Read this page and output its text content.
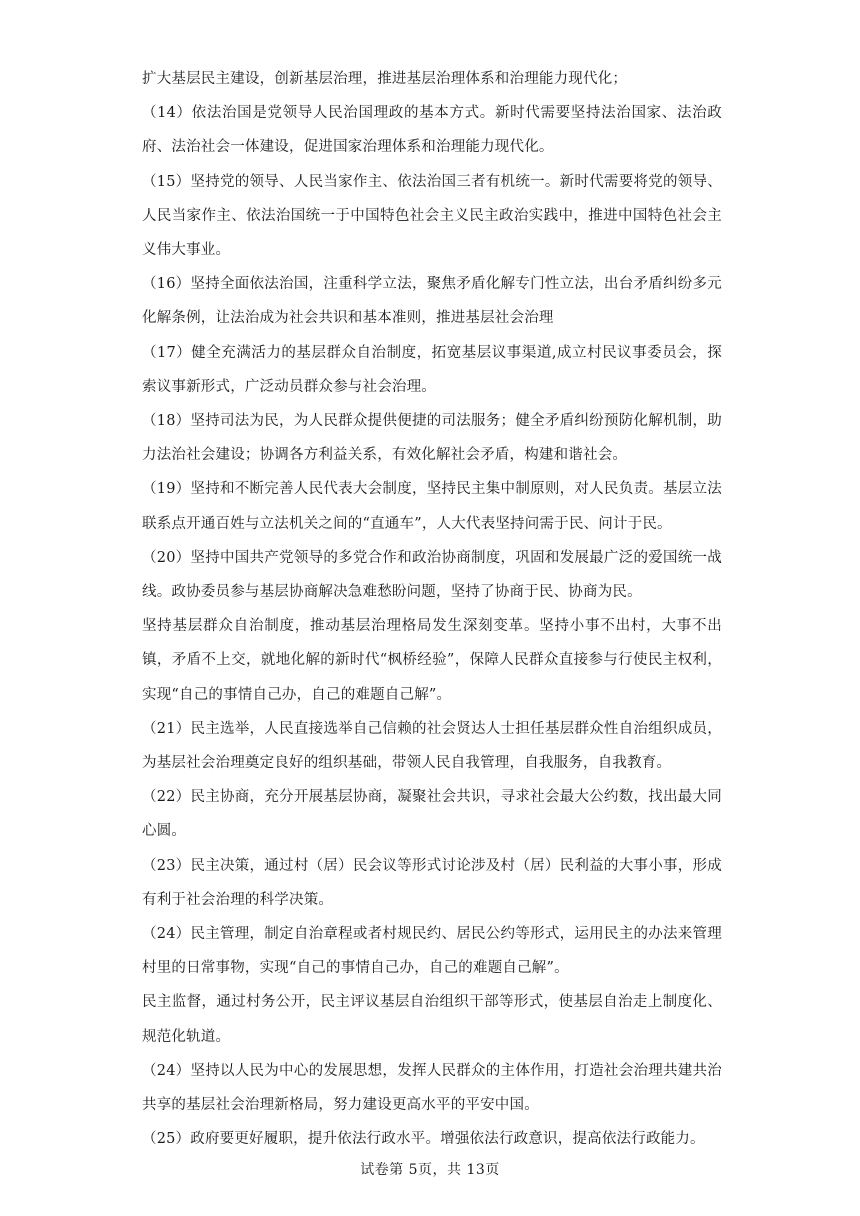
扩大基层民主建设，创新基层治理，推进基层治理体系和治理能力现代化；

（14）依法治国是党领导人民治国理政的基本方式。新时代需要坚持法治国家、法治政府、法治社会一体建设，促进国家治理体系和治理能力现代化。

（15）坚持党的领导、人民当家作主、依法治国三者有机统一。新时代需要将党的领导、人民当家作主、依法治国统一于中国特色社会主义民主政治实践中，推进中国特色社会主义伟大事业。

（16）坚持全面依法治国，注重科学立法，聚焦矛盾化解专门性立法，出台矛盾纠纷多元化解条例，让法治成为社会共识和基本准则，推进基层社会治理

（17）健全充满活力的基层群众自治制度，拓宽基层议事渠道,成立村民议事委员会，探索议事新形式，广泛动员群众参与社会治理。

（18）坚持司法为民，为人民群众提供便捷的司法服务；健全矛盾纠纷预防化解机制，助力法治社会建设；协调各方利益关系，有效化解社会矛盾，构建和谐社会。

（19）坚持和不断完善人民代表大会制度，坚持民主集中制原则，对人民负责。基层立法联系点开通百姓与立法机关之间的“直通车”，人大代表坚持问需于民、问计于民。

（20）坚持中国共产党领导的多党合作和政治协商制度，巩固和发展最广泛的爱国统一战线。政协委员参与基层协商解决急难愁盼问题，坚持了协商于民、协商为民。

坚持基层群众自治制度，推动基层治理格局发生深刻变革。坚持小事不出村，大事不出镇，矛盾不上交，就地化解的新时代“枫桥经验”，保障人民群众直接参与行使民主权利，实现“自己的事情自己办，自己的难题自己解”。

（21）民主选举，人民直接选举自己信赖的社会贤达人士担任基层群众性自治组织成员，为基层社会治理奠定良好的组织基础，带领人民自我管理，自我服务，自我教育。

（22）民主协商，充分开展基层协商，凝聚社会共识，寻求社会最大公约数，找出最大同心圆。

（23）民主决策，通过村（居）民会议等形式讨论涉及村（居）民利益的大事小事，形成有利于社会治理的科学决策。

（24）民主管理，制定自治章程或者村规民约、居民公约等形式，运用民主的办法来管理村里的日常事物，实现“自己的事情自己办，自己的难题自己解”。

民主监督，通过村务公开，民主评议基层自治组织干部等形式，使基层自治走上制度化、规范化轨道。

（24）坚持以人民为中心的发展思想，发挥人民群众的主体作用，打造社会治理共建共治共享的基层社会治理新格局，努力建设更高水平的平安中国。

（25）政府要更好履职，提升依法行政水平。增强依法行政意识，提高依法行政能力。

试卷第 5页，共 13页
